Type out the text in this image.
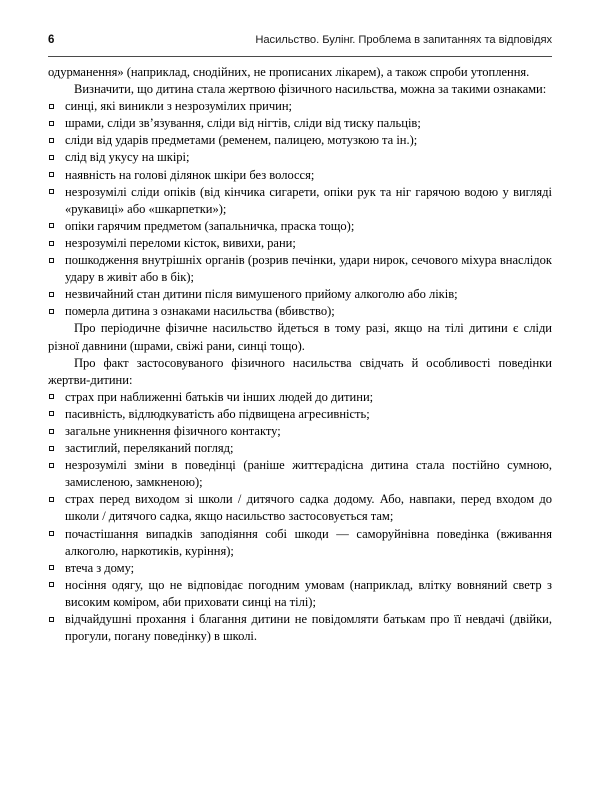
6	Насильство. Булінг. Проблема в запитаннях та відповідях

одурманення» (наприклад, снодійних, не прописаних лікарем), а також спроби утоплення.

Визначити, що дитина стала жертвою фізичного насильства, можна за такими ознаками:

синці, які виникли з незрозумілих причин;
шрами, сліди зв’язування, сліди від нігтів, сліди від тиску пальців;
сліди від ударів предметами (ременем, палицею, мотузкою та ін.);
слід від укусу на шкірі;
наявність на голові ділянок шкіри без волосся;
незрозумілі сліди опіків (від кінчика сигарети, опіки рук та ніг гарячою водою у вигляді «рукавиці» або «шкарпетки»);
опіки гарячим предметом (запальничка, праска тощо);
незрозумілі переломи кісток, вивихи, рани;
пошкодження внутрішніх органів (розрив печінки, удари нирок, сечового міхура внаслідок удару в живіт або в бік);
незвичайний стан дитини після вимушеного прийому алкоголю або ліків;
померла дитина з ознаками насильства (вбивство);

Про періодичне фізичне насильство йдеться в тому разі, якщо на тілі дитини є сліди різної давнини (шрами, свіжі рани, синці тощо).

Про факт застосовуваного фізичного насильства свідчать й особливості поведінки жертви-дитини:

страх при наближенні батьків чи інших людей до дитини;
пасивність, відлюдкуватість або підвищена агресивність;
загальне уникнення фізичного контакту;
застиглий, переляканий погляд;
незрозумілі зміни в поведінці (раніше життєрадісна дитина стала постійно сумною, замисленою, замкненою);
страх перед виходом зі школи / дитячого садка додому. Або, навпаки, перед входом до школи / дитячого садка, якщо насильство застосовується там;
почастішання випадків заподіяння собі шкоди — саморуйнівна поведінка (вживання алкоголю, наркотиків, куріння);
втеча з дому;
носіння одягу, що не відповідає погодним умовам (наприклад, влітку вовняний светр з високим коміром, аби приховати синці на тілі);
відчайдушні прохання і благання дитини не повідомляти батькам про її невдачі (двійки, прогули, погану поведінку) в школі.
